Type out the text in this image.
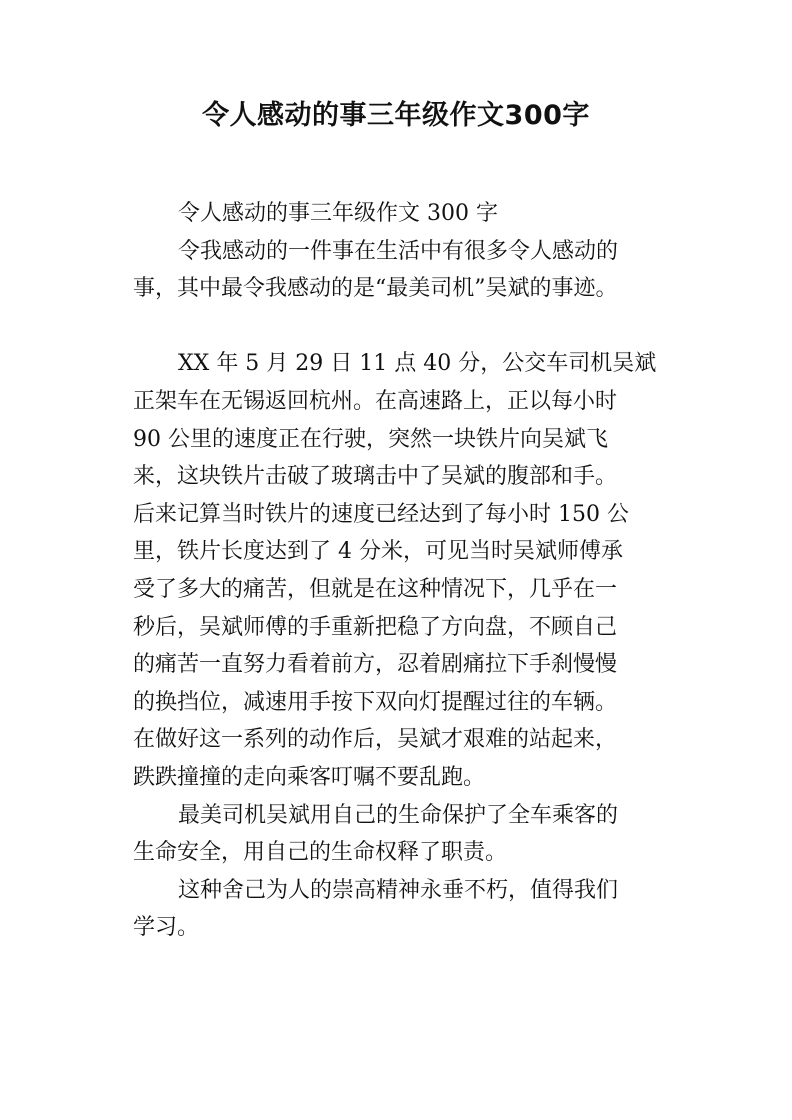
令人感动的事三年级作文300字
令人感动的事三年级作文 300 字
令我感动的一件事在生活中有很多令人感动的
事，其中最令我感动的是“最美司机”吴斌的事迹。
XX 年 5 月 29 日 11 点 40 分，公交车司机吴斌
正架车在无锡返回杭州。在高速路上，正以每小时
90 公里的速度正在行驶，突然一块铁片向吴斌飞
来，这块铁片击破了玻璃击中了吴斌的腹部和手。
后来记算当时铁片的速度已经达到了每小时 150 公
里，铁片长度达到了 4 分米，可见当时吴斌师傅承
受了多大的痛苦，但就是在这种情况下，几乎在一
秒后，吴斌师傅的手重新把稳了方向盘，不顾自己
的痛苦一直努力看着前方，忍着剧痛拉下手刹慢慢
的换挡位，减速用手按下双向灯提醒过往的车辆。
在做好这一系列的动作后，吴斌才艰难的站起来，
跌跌撞撞的走向乘客叮嘱不要乱跑。
最美司机吴斌用自己的生命保护了全车乘客的
生命安全，用自己的生命权释了职责。
这种舍己为人的崇高精神永垂不朽，值得我们
学习。
